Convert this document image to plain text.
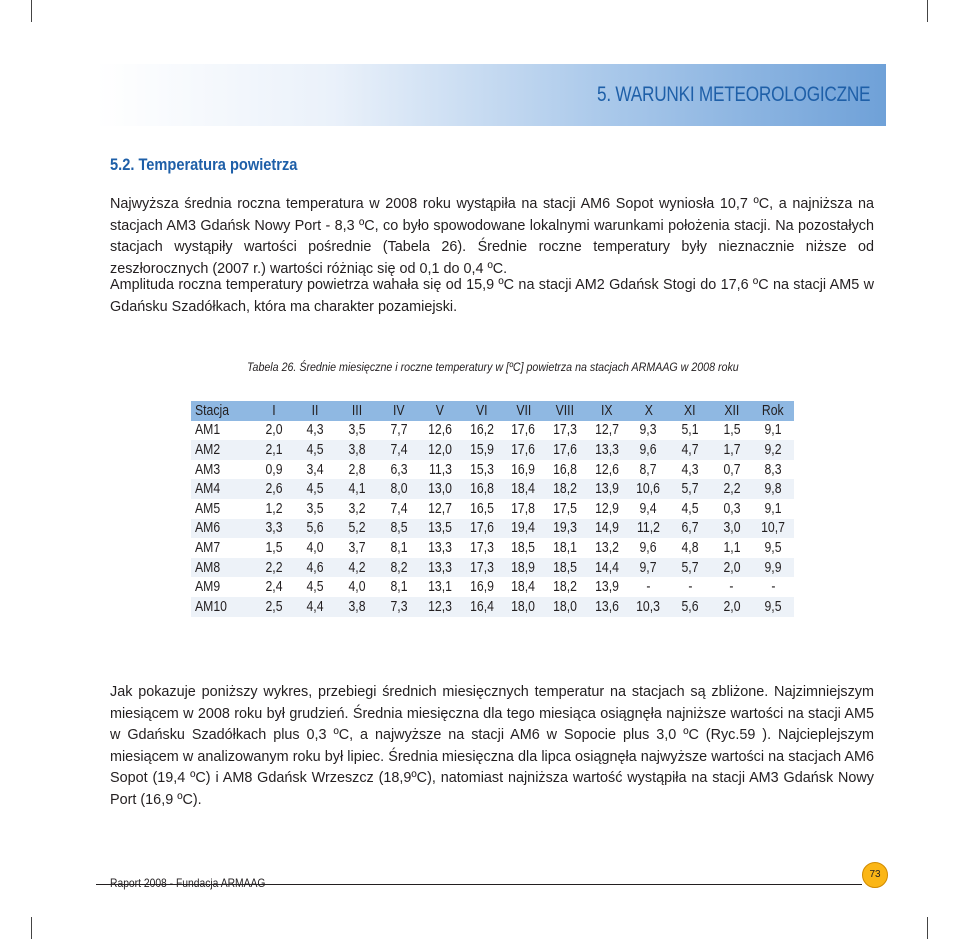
5. WARUNKI METEOROLOGICZNE
5.2. Temperatura powietrza

Najwyższa średnia roczna temperatura w 2008 roku wystąpiła na stacji AM6 Sopot wyniosła 10,7 ºC, a najniższa na stacjach AM3 Gdańsk Nowy Port - 8,3 ºC, co było spowodowane lokalnymi warunkami położenia stacji. Na pozostałych stacjach wystąpiły wartości pośrednie (Tabela 26). Średnie roczne temperatury były nieznacznie niższe od zeszłorocznych (2007 r.) wartości różniąc się od 0,1 do 0,4 ºC.

Amplituda roczna temperatury powietrza wahała się od 15,9 ºC na stacji AM2 Gdańsk Stogi do 17,6 ºC na stacji AM5 w Gdańsku Szadółkach, która ma charakter pozamiejski.

Tabela 26. Średnie miesięczne i roczne temperatury w [ºC] powietrza na stacjach ARMAAG w 2008 roku
Stacja	I	II	III	IV	V	VI	VII	VIII	IX	X	XI	XII	Rok
AM1	2,0	4,3	3,5	7,7	12,6	16,2	17,6	17,3	12,7	9,3	5,1	1,5	9,1
AM2	2,1	4,5	3,8	7,4	12,0	15,9	17,6	17,6	13,3	9,6	4,7	1,7	9,2
AM3	0,9	3,4	2,8	6,3	11,3	15,3	16,9	16,8	12,6	8,7	4,3	0,7	8,3
AM4	2,6	4,5	4,1	8,0	13,0	16,8	18,4	18,2	13,9	10,6	5,7	2,2	9,8
AM5	1,2	3,5	3,2	7,4	12,7	16,5	17,8	17,5	12,9	9,4	4,5	0,3	9,1
AM6	3,3	5,6	5,2	8,5	13,5	17,6	19,4	19,3	14,9	11,2	6,7	3,0	10,7
AM7	1,5	4,0	3,7	8,1	13,3	17,3	18,5	18,1	13,2	9,6	4,8	1,1	9,5
AM8	2,2	4,6	4,2	8,2	13,3	17,3	18,9	18,5	14,4	9,7	5,7	2,0	9,9
AM9	2,4	4,5	4,0	8,1	13,1	16,9	18,4	18,2	13,9	-	-	-	-
AM10	2,5	4,4	3,8	7,3	12,3	16,4	18,0	18,0	13,6	10,3	5,6	2,0	9,5

Jak pokazuje poniższy wykres, przebiegi średnich miesięcznych temperatur na stacjach są zbliżone. Najzimniejszym miesiącem w 2008 roku był grudzień. Średnia miesięczna dla tego miesiąca osiągnęła najniższe wartości na stacji AM5 w Gdańsku Szadółkach plus 0,3 ºC, a najwyższe na stacji AM6 w Sopocie plus 3,0 ºC (Ryc.59 ). Najcieplejszym miesiącem w analizowanym roku był lipiec. Średnia miesięczna dla lipca osiągnęła najwyższe wartości na stacjach AM6 Sopot (19,4 ºC) i AM8 Gdańsk Wrzeszcz (18,9ºC), natomiast najniższa wartość wystąpiła na stacji AM3 Gdańsk Nowy Port (16,9 ºC).

Raport 2008 - Fundacja ARMAAG
73
